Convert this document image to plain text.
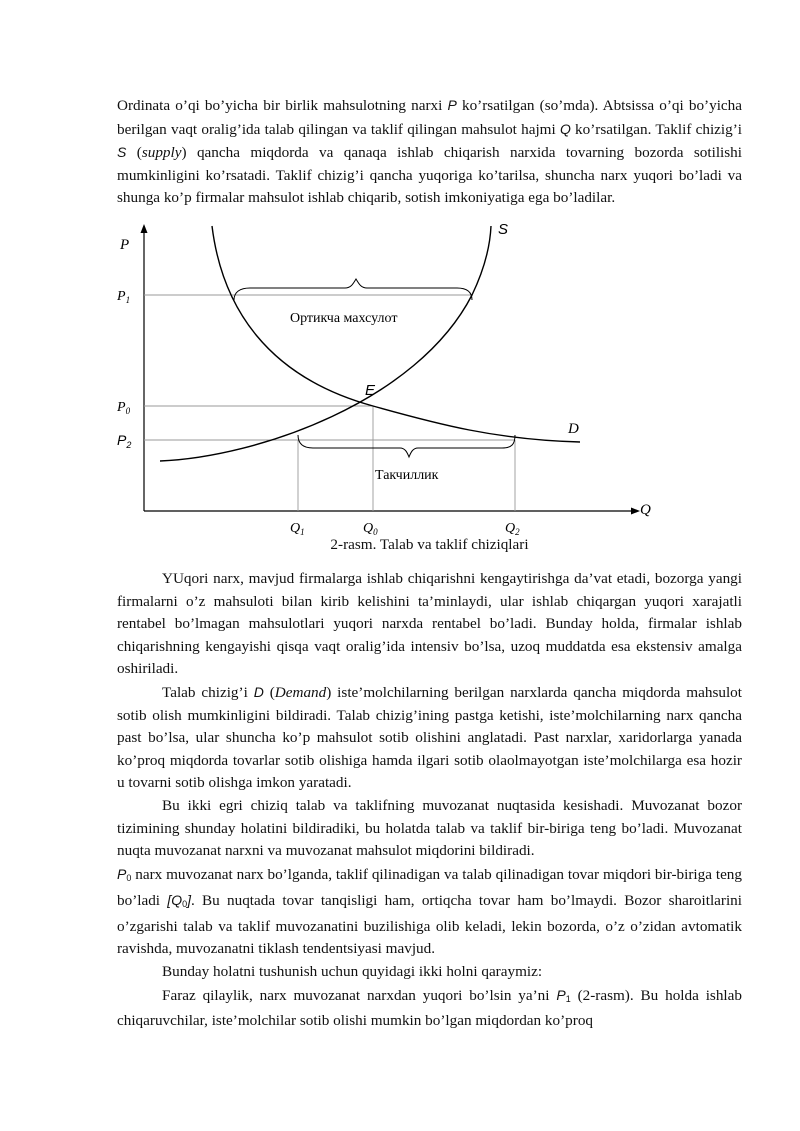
Ordinata o’qi bo’yicha bir birlik mahsulotning narxi P ko’rsatilgan (so’mda). Abtsissa o’qi bo’yicha berilgan vaqt oralig’ida talab qilingan va taklif qilingan mahsulot hajmi Q ko’rsatilgan. Taklif chizig’i S (supply) qancha miqdorda va qanaqa ishlab chiqarish narxida tovarning bozorda sotilishi mumkinligini ko’rsatadi. Taklif chizig’i qancha yuqoriga ko’tarilsa, shuncha narx yuqori bo’ladi va shunga ko’p firmalar mahsulot ishlab chiqarib, sotish imkoniyatiga ega bo’ladilar.

P
Q
S
D
E
$P_1$
$P_0$
$P_2$
$Q_1$	$Q_0$	$Q_2$
Ортикча махсулот
Такчиллик

2-rasm. Talab va taklif chiziqlari

YUqori narx, mavjud firmalarga ishlab chiqarishni kengaytirishga da’vat etadi, bozorga yangi firmalarni o’z mahsuloti bilan kirib kelishini ta’minlaydi, ular ishlab chiqargan yuqori xarajatli rentabel bo’lmagan mahsulotlari yuqori narxda rentabel bo’ladi. Bunday holda, firmalar ishlab chiqarishning kengayishi qisqa vaqt oralig’ida intensiv bo’lsa, uzoq muddatda esa ekstensiv amalga oshiriladi.

Talab chizig’i D (Demand) iste’molchilarning berilgan narxlarda qancha miqdorda mahsulot sotib olish mumkinligini bildiradi. Talab chizig’ining pastga ketishi, iste’molchilarning narx qancha past bo’lsa, ular shuncha ko’p mahsulot sotib olishini anglatadi. Past narxlar, xaridorlarga yanada ko’proq miqdorda tovarlar sotib olishiga hamda ilgari sotib olaolmayotgan iste’molchilarga esa hozir u tovarni sotib olishga imkon yaratadi.

Bu ikki egri chiziq talab va taklifning muvozanat nuqtasida kesishadi. Muvozanat bozor tizimining shunday holatini bildiradiki, bu holatda talab va taklif bir-biriga teng bo’ladi. Muvozanat nuqta muvozanat narxni va muvozanat mahsulot miqdorini bildiradi.

$P_0$ narx muvozanat narx bo’lganda, taklif qilinadigan va talab qilinadigan tovar miqdori bir-biriga teng bo’ladi $[Q_0]$. Bu nuqtada tovar tanqisligi ham, ortiqcha tovar ham bo’lmaydi. Bozor sharoitlarini o’zgarishi talab va taklif muvozanatini buzilishiga olib keladi, lekin bozorda, o’z o’zidan avtomatik ravishda, muvozanatni tiklash tendentsiyasi mavjud.

Bunday holatni tushunish uchun quyidagi ikki holni qaraymiz:

Faraz qilaylik, narx muvozanat narxdan yuqori bo’lsin ya’ni $P_1$ (2-rasm). Bu holda ishlab chiqaruvchilar, iste’molchilar sotib olishi mumkin bo’lgan miqdordan ko’proq
